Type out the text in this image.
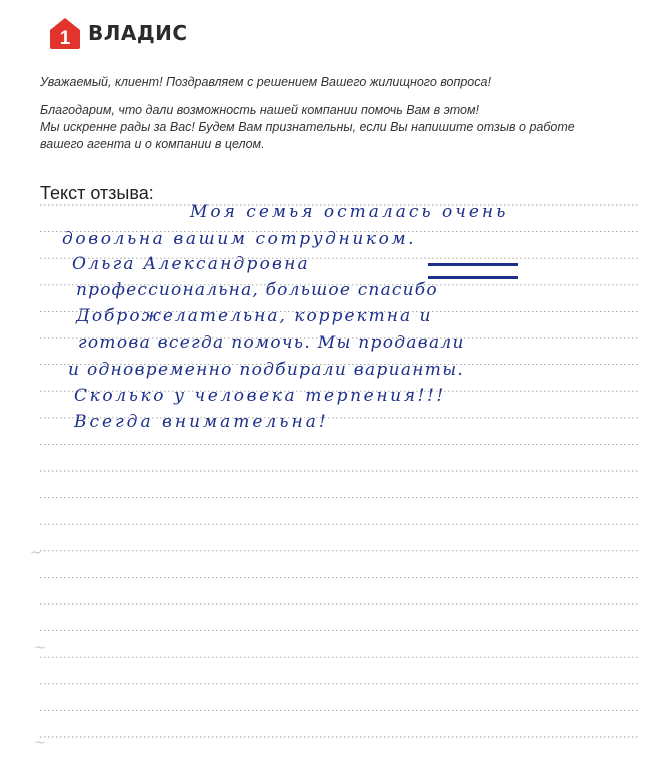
1 ВЛАДИС
Уважаемый, клиент! Поздравляем с решением Вашего жилищного вопроса!
Благодарим, что дали возможность нашей компании помочь Вам в этом!
Мы искренне рады за Вас! Будем Вам признательны, если Вы напишите отзыв о работе
вашего агента и о компании в целом.
Текст отзыва:
Моя семья осталась очень
довольна вашим сотрудником.
Ольга Александровна
профессиональна, большое спасибо
Доброжелательна, корректна и
готова всегда помочь. Мы продавали
и одновременно подбирали варианты.
Сколько у человека терпения!!!
Всегда внимательна!
~
~
~
